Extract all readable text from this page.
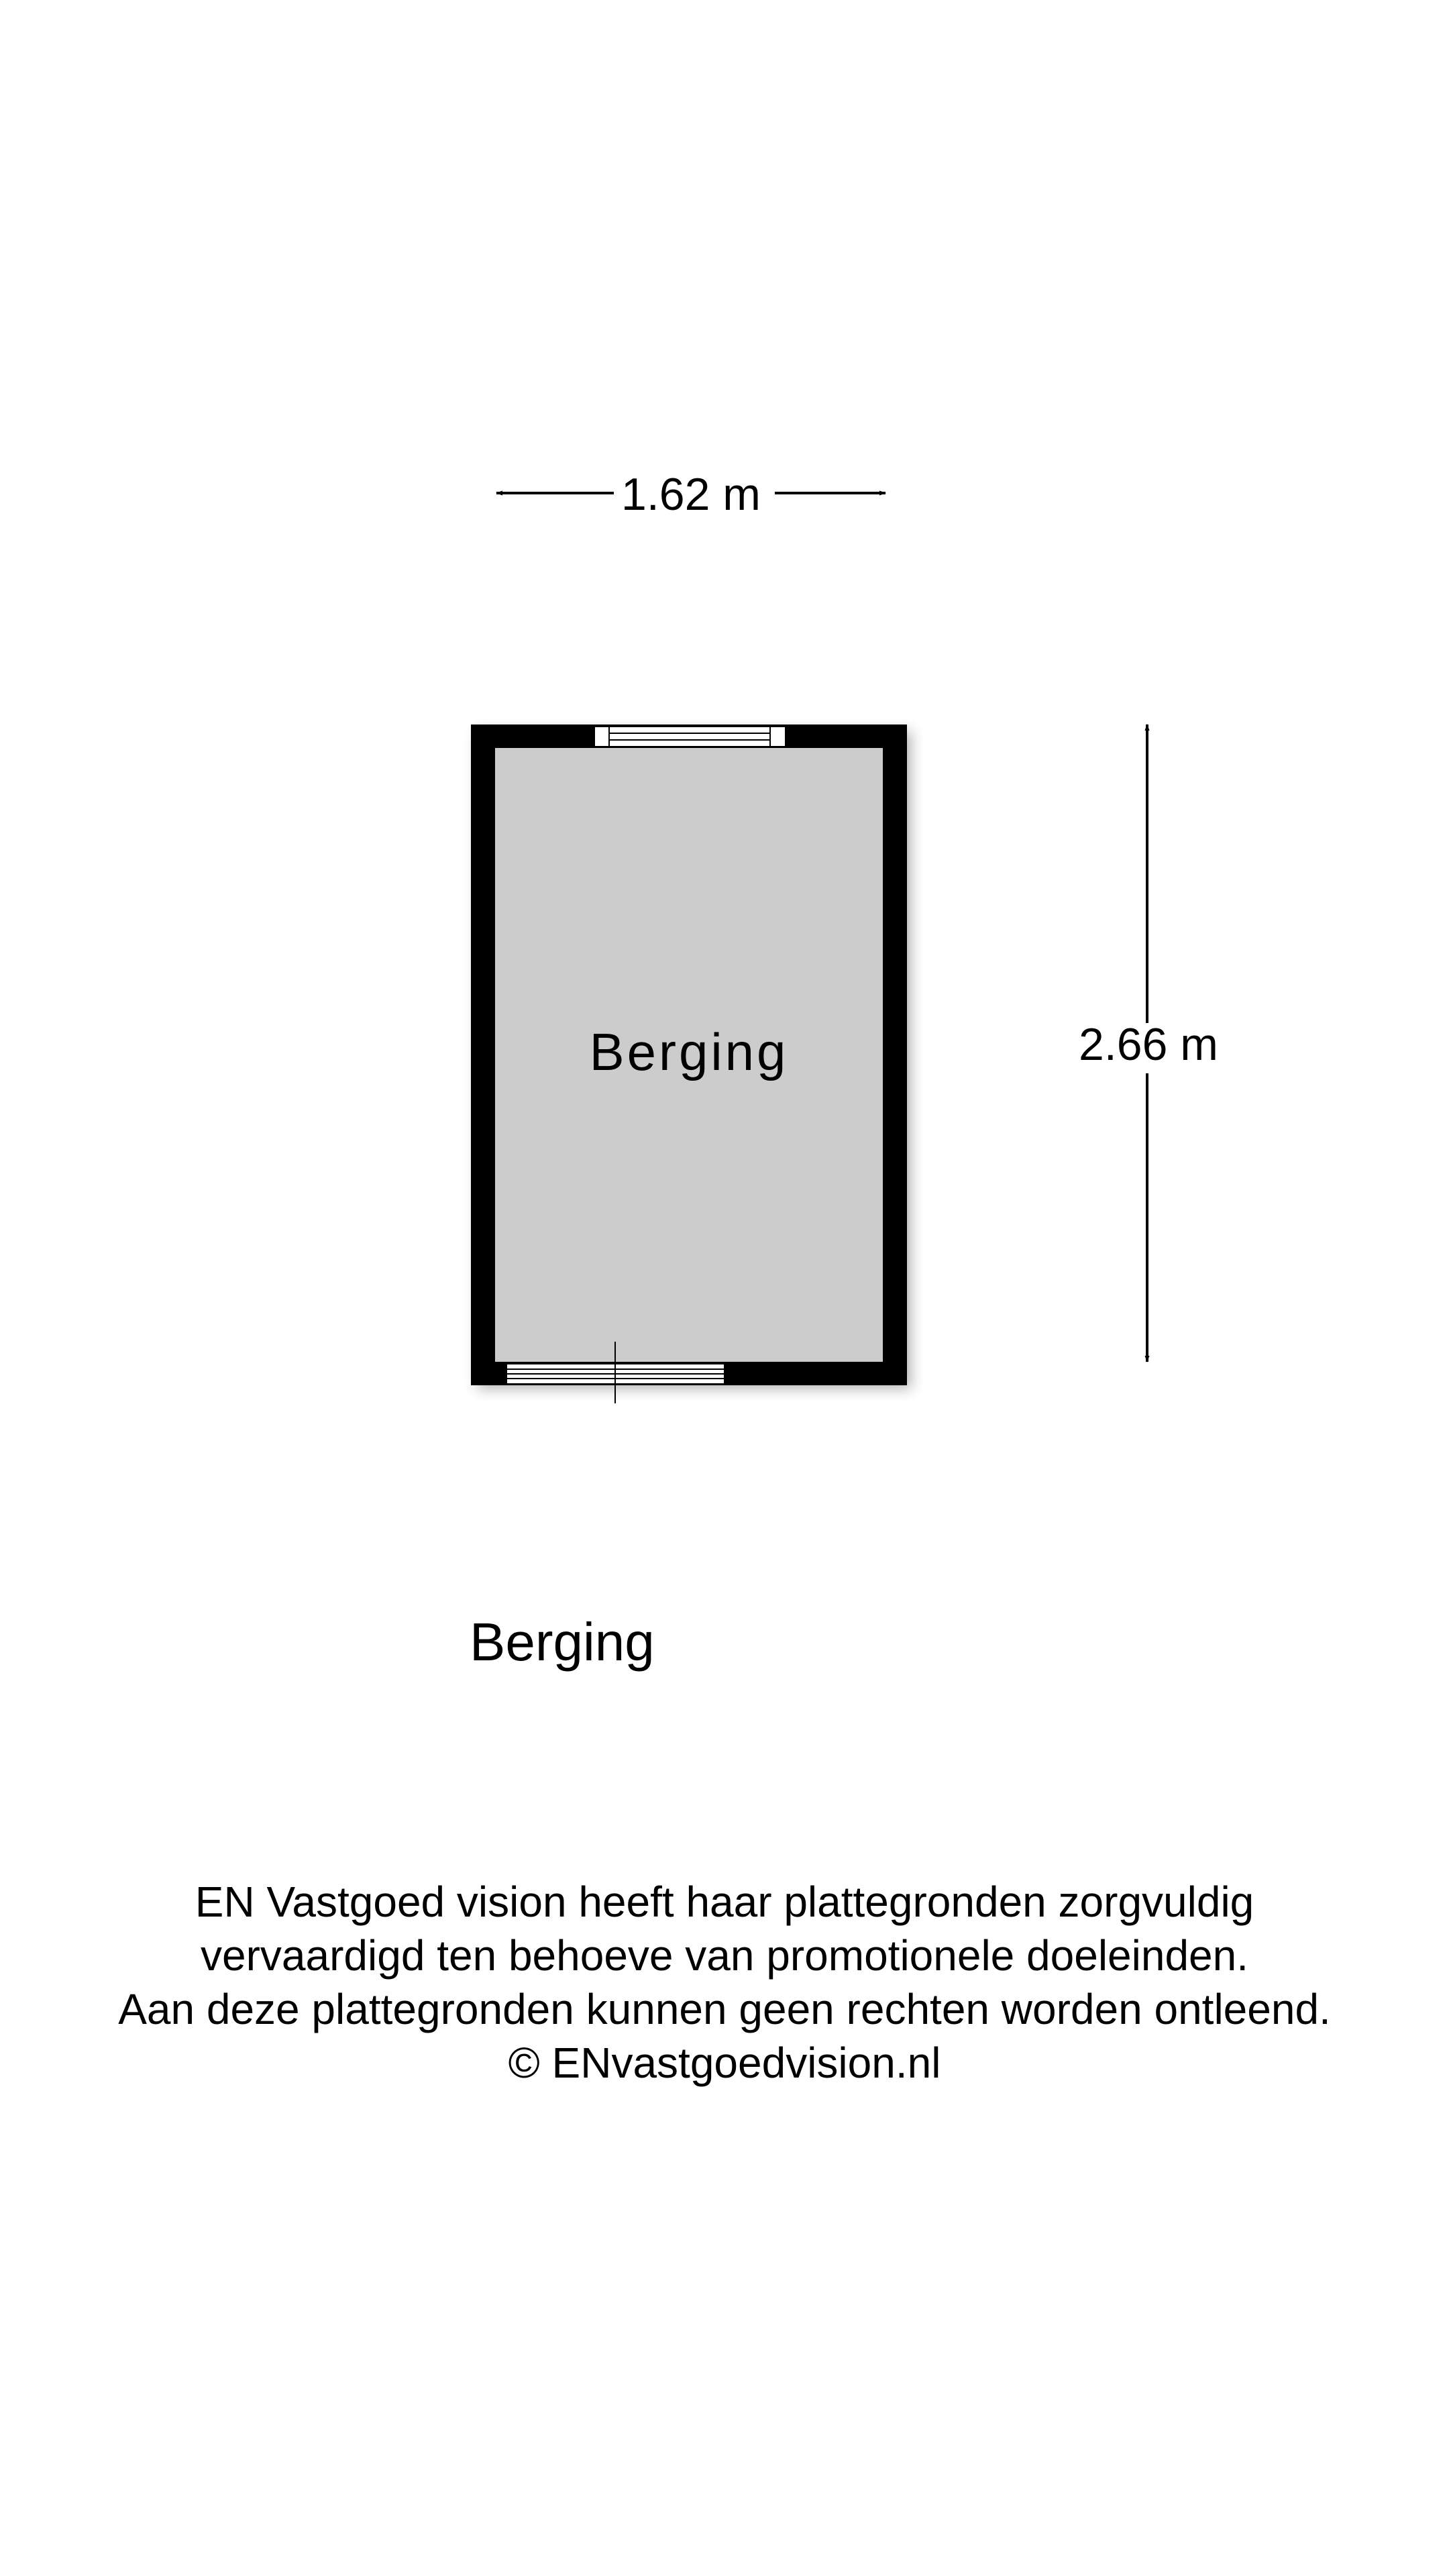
1.62 m
2.66 m
Berging
Berging
EN Vastgoed vision heeft haar plattegronden zorgvuldig
vervaardigd ten behoeve van promotionele doeleinden.
Aan deze plattegronden kunnen geen rechten worden ontleend.
© ENvastgoedvision.nl
